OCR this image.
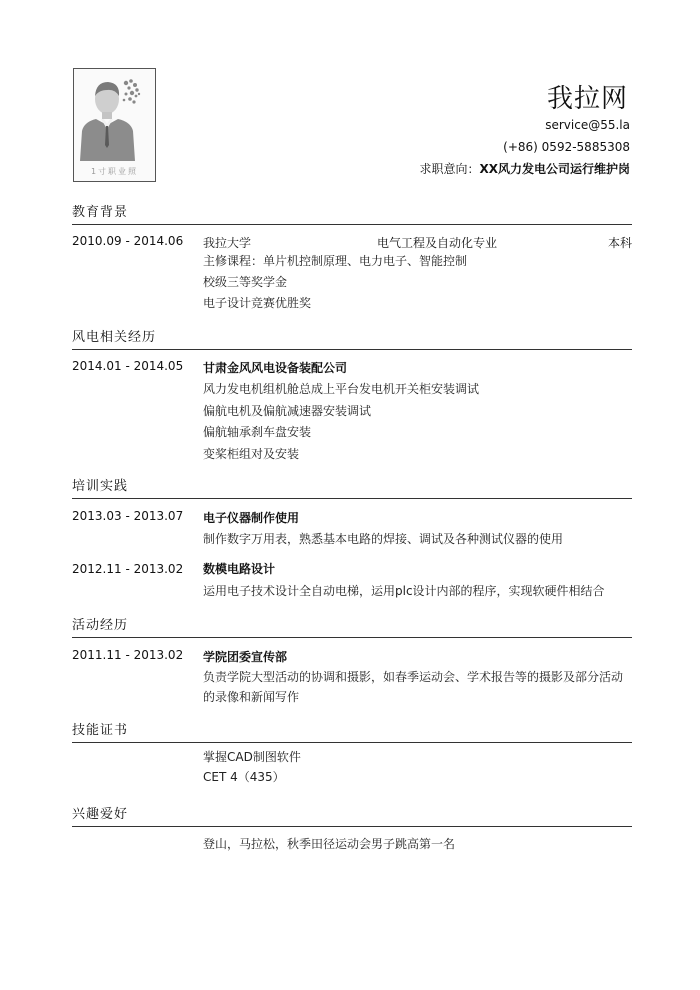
1寸职业照
我拉网
service@55.la
(+86) 0592-5885308
求职意向：XX风力发电公司运行维护岗
教育背景
2010.09 - 2014.06 我拉大学	电气工程及自动化专业	本科
主修课程：单片机控制原理、电力电子、智能控制
校级三等奖学金
电子设计竞赛优胜奖
风电相关经历
2014.01 - 2014.05 甘肃金风风电设备装配公司
风力发电机组机舱总成上平台发电机开关柜安装调试
偏航电机及偏航减速器安装调试
偏航轴承刹车盘安装
变桨柜组对及安装
培训实践
2013.03 - 2013.07 电子仪器制作使用
制作数字万用表，熟悉基本电路的焊接、调试及各种测试仪器的使用
2012.11 - 2013.02 数模电路设计
运用电子技术设计全自动电梯，运用plc设计内部的程序，实现软硬件相结合
活动经历
2011.11 - 2013.02 学院团委宣传部
负责学院大型活动的协调和摄影，如春季运动会、学术报告等的摄影及部分活动的录像和新闻写作
技能证书
掌握CAD制图软件
CET 4（435）
兴趣爱好
登山，马拉松，秋季田径运动会男子跳高第一名
